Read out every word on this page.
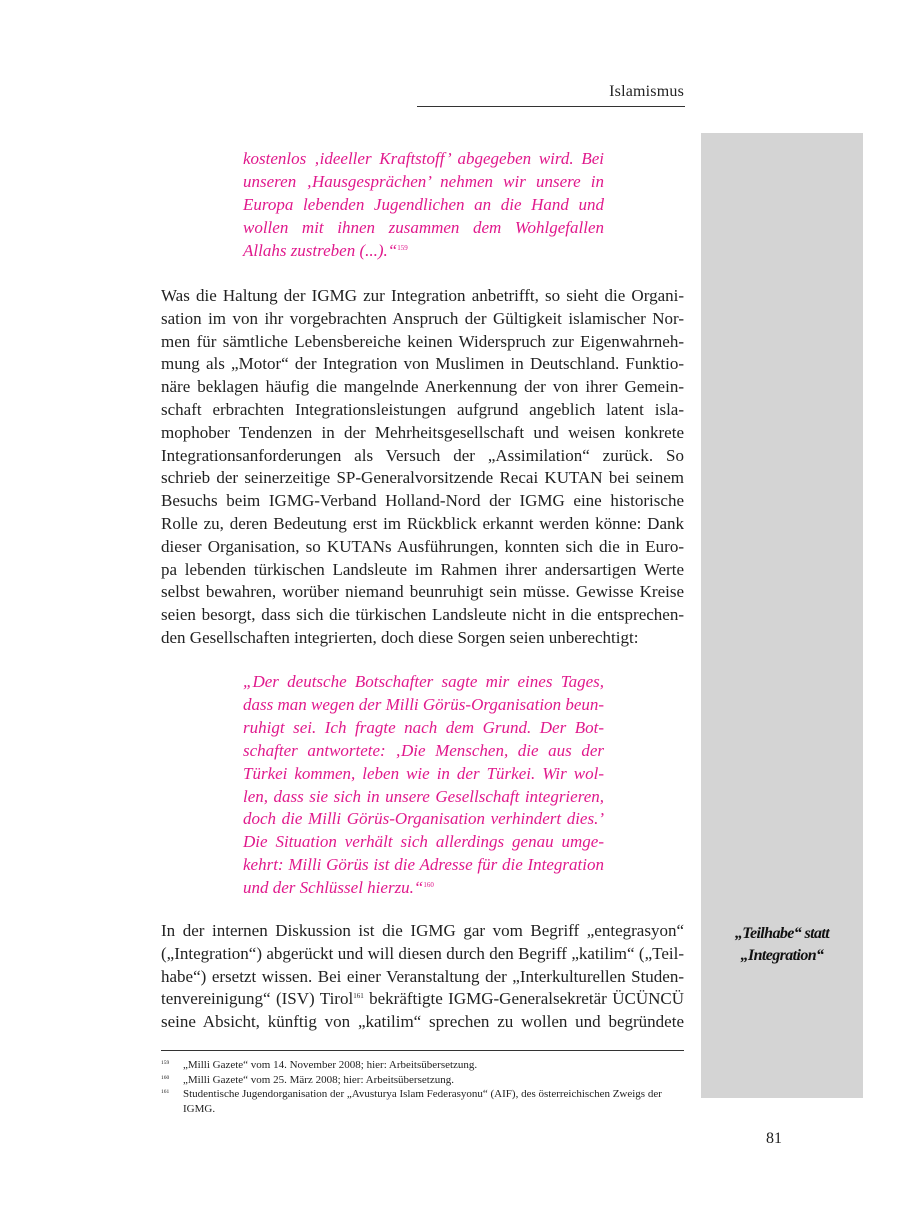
Islamismus
kostenlos ‚ideeller Kraftstoff’ abgegeben wird. Bei
unseren ‚Hausgesprächen’ nehmen wir unsere in
Europa lebenden Jugendlichen an die Hand und
wollen mit ihnen zusammen dem Wohlgefallen
Allahs zustreben (...).“$^{159}$
Was die Haltung der IGMG zur Integration anbetrifft, so sieht die Organi-
sation im von ihr vorgebrachten Anspruch der Gültigkeit islamischer Nor-
men für sämtliche Lebensbereiche keinen Widerspruch zur Eigenwahrneh-
mung als „Motor“ der Integration von Muslimen in Deutschland. Funktio-
näre beklagen häufig die mangelnde Anerkennung der von ihrer Gemein-
schaft erbrachten Integrationsleistungen aufgrund angeblich latent isla-
mophober Tendenzen in der Mehrheitsgesellschaft und weisen konkrete
Integrationsanforderungen als Versuch der „Assimilation“ zurück. So
schrieb der seinerzeitige SP-Generalvorsitzende Recai KUTAN bei seinem
Besuchs beim IGMG-Verband Holland-Nord der IGMG eine historische
Rolle zu, deren Bedeutung erst im Rückblick erkannt werden könne: Dank
dieser Organisation, so KUTANs Ausführungen, konnten sich die in Euro-
pa lebenden türkischen Landsleute im Rahmen ihrer andersartigen Werte
selbst bewahren, worüber niemand beunruhigt sein müsse. Gewisse Kreise
seien besorgt, dass sich die türkischen Landsleute nicht in die entsprechen-
den Gesellschaften integrierten, doch diese Sorgen seien unberechtigt:
„Der deutsche Botschafter sagte mir eines Tages,
dass man wegen der Milli Görüs-Organisation beun-
ruhigt sei. Ich fragte nach dem Grund. Der Bot-
schafter antwortete: ‚Die Menschen, die aus der
Türkei kommen, leben wie in der Türkei. Wir wol-
len, dass sie sich in unsere Gesellschaft integrieren,
doch die Milli Görüs-Organisation verhindert dies.’
Die Situation verhält sich allerdings genau umge-
kehrt: Milli Görüs ist die Adresse für die Integration
und der Schlüssel hierzu.“$^{160}$
„Teilhabe“ statt
„Integration“
In der internen Diskussion ist die IGMG gar vom Begriff „entegrasyon“
(„Integration“) abgerückt und will diesen durch den Begriff „katilim“ („Teil-
habe“) ersetzt wissen. Bei einer Veranstaltung der „Interkulturellen Studen-
tenvereinigung“ (ISV) Tirol$^{161}$ bekräftigte IGMG-Generalsekretär ÜCÜNCÜ
seine Absicht, künftig von „katilim“ sprechen zu wollen und begründete
159 „Milli Gazete“ vom 14. November 2008; hier: Arbeitsübersetzung.
160 „Milli Gazete“ vom 25. März 2008; hier: Arbeitsübersetzung.
161 Studentische Jugendorganisation der „Avusturya Islam Federasyonu“ (AIF), des österreichischen Zweigs der IGMG.
81
